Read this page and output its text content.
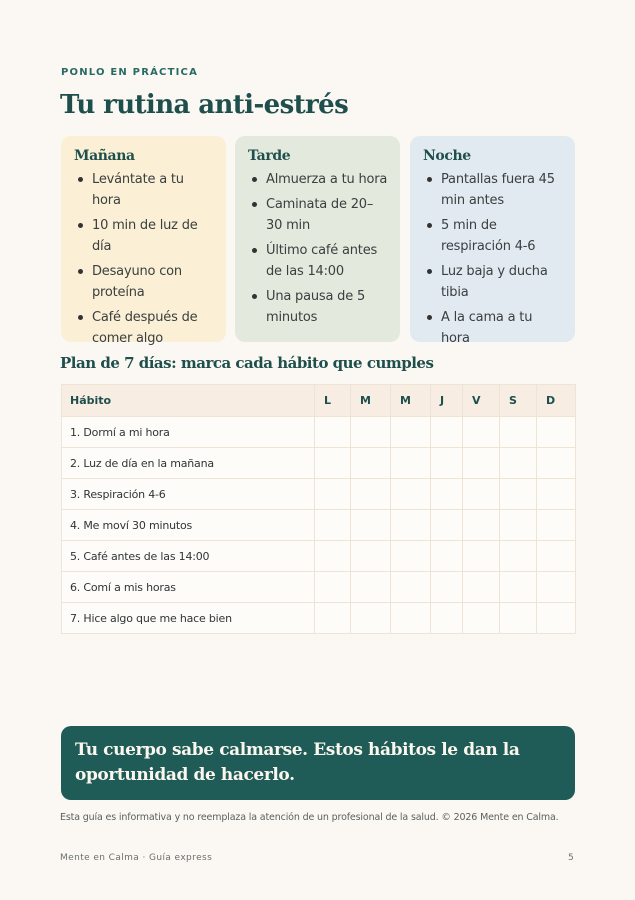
PONLO EN PRÁCTICA
Tu rutina anti-estrés
Mañana
Levántate a tu hora
10 min de luz de día
Desayuno con proteína
Café después de comer algo
Tarde
Almuerza a tu hora
Caminata de 20–30 min
Último café antes de las 14:00
Una pausa de 5 minutos
Noche
Pantallas fuera 45 min antes
5 min de respiración 4-6
Luz baja y ducha tibia
A la cama a tu hora
Plan de 7 días: marca cada hábito que cumples
Hábito	L	M	M	J	V	S	D
1. Dormí a mi hora							
2. Luz de día en la mañana							
3. Respiración 4-6							
4. Me moví 30 minutos							
5. Café antes de las 14:00							
6. Comí a mis horas							
7. Hice algo que me hace bien							
Tu cuerpo sabe calmarse. Estos hábitos le dan la oportunidad de hacerlo.
Esta guía es informativa y no reemplaza la atención de un profesional de la salud. © 2026 Mente en Calma.
Mente en Calma · Guía express	5
